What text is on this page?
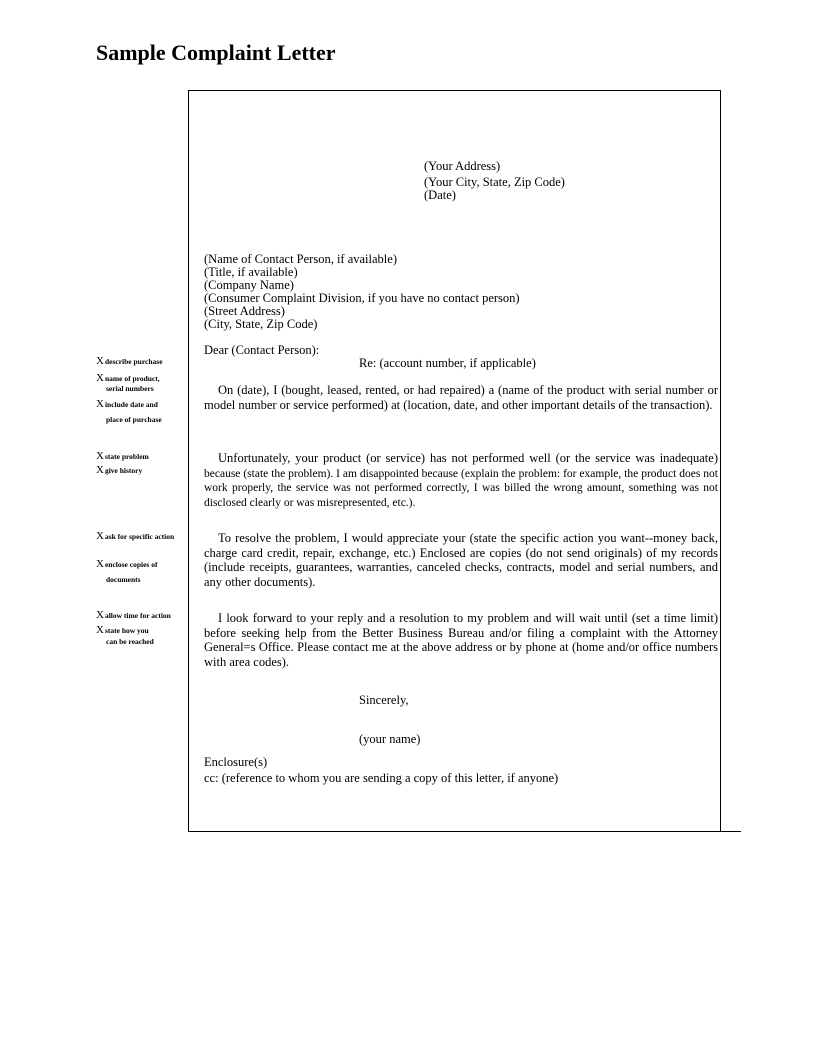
Sample Complaint Letter
(Your Address)
(Your City, State, Zip Code)
(Date)
(Name of Contact Person, if available)
(Title, if available)
(Company Name)
(Consumer Complaint Division, if you have no contact person)
(Street Address)
(City, State, Zip Code)
Dear (Contact Person):
Re: (account number, if applicable)
On (date), I (bought, leased, rented, or had repaired) a (name of the product with serial number or model number or service performed) at (location, date, and other important details of the transaction).
Unfortunately, your product (or service) has not performed well (or the service was inadequate) because (state the problem). I am disappointed because (explain the problem: for example, the product does not work properly, the service was not performed correctly, I was billed the wrong amount, something was not disclosed clearly or was misrepresented, etc.).
To resolve the problem, I would appreciate your (state the specific action you want--money back, charge card credit, repair, exchange, etc.) Enclosed are copies (do not send originals) of my records (include receipts, guarantees, warranties, canceled checks, contracts, model and serial numbers, and any other documents).
I look forward to your reply and a resolution to my problem and will wait until (set a time limit) before seeking help from the Better Business Bureau and/or filing a complaint with the Attorney General=s Office. Please contact me at the above address or by phone at (home and/or office numbers with area codes).
Sincerely,
(your name)
Enclosure(s)
cc: (reference to whom you are sending a copy of this letter, if anyone)
Xdescribe purchase
Xname of product,
serial numbers
Xinclude date and
place of purchase
Xstate problem
Xgive history
Xask for specific action
Xenclose copies of
documents
Xallow time for action
Xstate how you
can be reached
